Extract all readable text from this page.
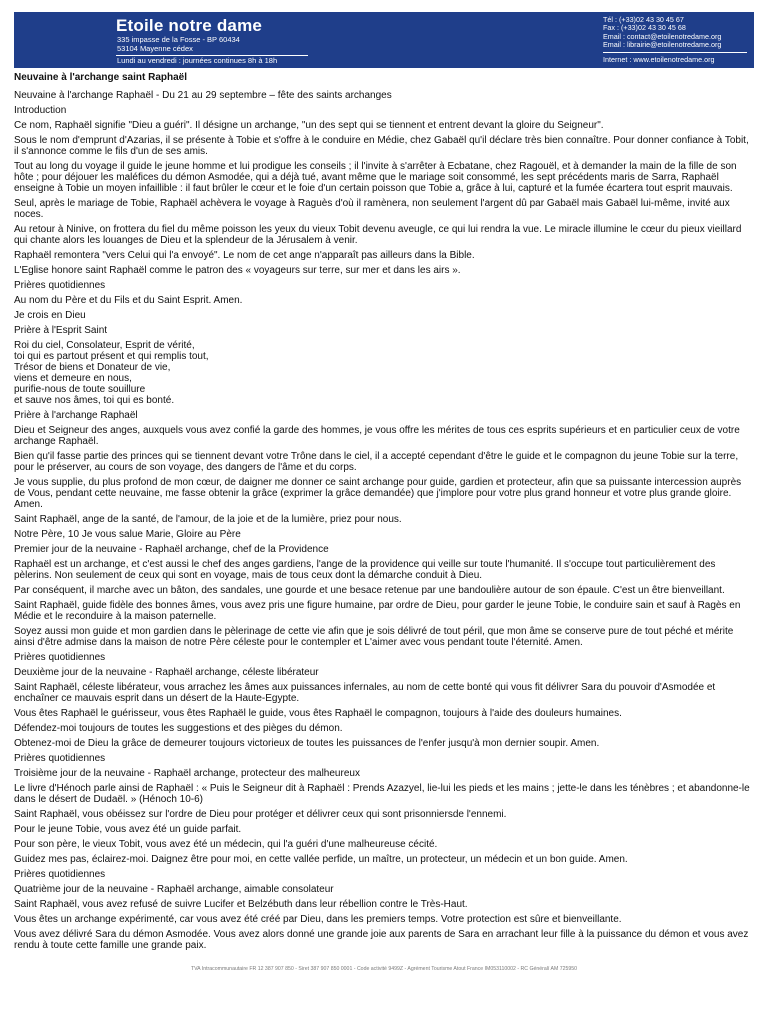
Etoile notre dame
335 impasse de la Fosse - BP 60434
53104 Mayenne cédex
Lundi au vendredi : journées continues 8h à 18h
Tél : (+33)02 43 30 45 67
Fax : (+33)02 43 30 45 68
Email : contact@etoilenotredame.org
Email : librairie@etoilenotredame.org
Internet : www.etoilenotredame.org
Neuvaine à l'archange saint Raphaël

Neuvaine à l'archange Raphaël - Du 21 au 29 septembre – fête des saints archanges

Introduction

Ce nom, Raphaël signifie "Dieu a guéri". Il désigne un archange, "un des sept qui se tiennent et entrent devant la gloire du Seigneur".

Sous le nom d'emprunt d'Azarias, il se présente à Tobie et s'offre à le conduire en Médie, chez Gabaël qu'il déclare très bien connaître. Pour donner confiance à Tobit, il s'annonce comme le fils d'un de ses amis.

Tout au long du voyage il guide le jeune homme et lui prodigue les conseils ; il l'invite à s'arrêter à Ecbatane, chez Ragouël, et à demander la main de la fille de son hôte ; pour déjouer les maléfices du démon Asmodée, qui a déjà tué, avant même que le mariage soit consommé, les sept précédents maris de Sarra, Raphaël enseigne à Tobie un moyen infaillible : il faut brûler le cœur et le foie d'un certain poisson que Tobie a, grâce à lui, capturé et la fumée écartera tout esprit mauvais.

Seul, après le mariage de Tobie, Raphaël achèvera le voyage à Raguès d'où il ramènera, non seulement l'argent dû par Gabaël mais Gabaël lui-même, invité aux noces.

Au retour à Ninive, on frottera du fiel du même poisson les yeux du vieux Tobit devenu aveugle, ce qui lui rendra la vue. Le miracle illumine le cœur du pieux vieillard qui chante alors les louanges de Dieu et la splendeur de la Jérusalem à venir.

Raphaël remontera "vers Celui qui l'a envoyé". Le nom de cet ange n'apparaît pas ailleurs dans la Bible.

L'Eglise honore saint Raphaël comme le patron des « voyageurs sur terre, sur mer et dans les airs ».

Prières quotidiennes

Au nom du Père et du Fils et du Saint Esprit. Amen.

Je crois en Dieu

Prière à l'Esprit Saint

Roi du ciel, Consolateur, Esprit de vérité,
toi qui es partout présent et qui remplis tout,
Trésor de biens et Donateur de vie,
viens et demeure en nous,
purifie-nous de toute souillure
et sauve nos âmes, toi qui es bonté.

Prière à l'archange Raphaël

Dieu et Seigneur des anges, auxquels vous avez confié la garde des hommes, je vous offre les mérites de tous ces esprits supérieurs et en particulier ceux de votre archange Raphaël.

Bien qu'il fasse partie des princes qui se tiennent devant votre Trône dans le ciel, il a accepté cependant d'être le guide et le compagnon du jeune Tobie sur la terre, pour le préserver, au cours de son voyage, des dangers de l'âme et du corps.

Je vous supplie, du plus profond de mon cœur, de daigner me donner ce saint archange pour guide, gardien et protecteur, afin que sa puissante intercession auprès de Vous, pendant cette neuvaine, me fasse obtenir la grâce (exprimer la grâce demandée) que j'implore pour votre plus grand honneur et votre plus grande gloire. Amen.

Saint Raphaël, ange de la santé, de l'amour, de la joie et de la lumière, priez pour nous.

Notre Père, 10 Je vous salue Marie, Gloire au Père

Premier jour de la neuvaine - Raphaël archange, chef de la Providence

Raphaël est un archange, et c'est aussi le chef des anges gardiens, l'ange de la providence qui veille sur toute l'humanité. Il s'occupe tout particulièrement des pèlerins. Non seulement de ceux qui sont en voyage, mais de tous ceux dont la démarche conduit à Dieu.

Par conséquent, il marche avec un bâton, des sandales, une gourde et une besace retenue par une bandoulière autour de son épaule. C'est un être bienveillant.

Saint Raphaël, guide fidèle des bonnes âmes, vous avez pris une figure humaine, par ordre de Dieu, pour garder le jeune Tobie, le conduire sain et sauf à Ragès en Médie et le reconduire à la maison paternelle.

Soyez aussi mon guide et mon gardien dans le pèlerinage de cette vie afin que je sois délivré de tout péril, que mon âme se conserve pure de tout péché et mérite ainsi d'être admise dans la maison de notre Père céleste pour le contempler et L'aimer avec vous pendant toute l'éternité. Amen.

Prières quotidiennes

Deuxième jour de la neuvaine - Raphaël archange, céleste libérateur

Saint Raphaël, céleste libérateur, vous arrachez les âmes aux puissances infernales, au nom de cette bonté qui vous fit délivrer Sara du pouvoir d'Asmodée et enchaîner ce mauvais esprit dans un désert de la Haute-Egypte.

Vous êtes Raphaël le guérisseur, vous êtes Raphaël le guide, vous êtes Raphaël le compagnon, toujours à l'aide des douleurs humaines.

Défendez-moi toujours de toutes les suggestions et des pièges du démon.

Obtenez-moi de Dieu la grâce de demeurer toujours victorieux de toutes les puissances de l'enfer jusqu'à mon dernier soupir. Amen.

Prières quotidiennes

Troisième jour de la neuvaine - Raphaël archange, protecteur des malheureux

Le livre d'Hénoch parle ainsi de Raphaël : « Puis le Seigneur dit à Raphaël : Prends Azazyel, lie-lui les pieds et les mains ; jette-le dans les ténèbres ; et abandonne-le dans le désert de Dudaël. » (Hénoch 10-6)

Saint Raphaël, vous obéissez sur l'ordre de Dieu pour protéger et délivrer ceux qui sont prisonniersde l'ennemi.

Pour le jeune Tobie, vous avez été un guide parfait.

Pour son père, le vieux Tobit, vous avez été un médecin, qui l'a guéri d'une malheureuse cécité.

Guidez mes pas, éclairez-moi. Daignez être pour moi, en cette vallée perfide, un maître, un protecteur, un médecin et un bon guide. Amen.

Prières quotidiennes

Quatrième jour de la neuvaine - Raphaël archange, aimable consolateur

Saint Raphaël, vous avez refusé de suivre Lucifer et Belzébuth dans leur rébellion contre le Très-Haut.

Vous êtes un archange expérimenté, car vous avez été créé par Dieu, dans les premiers temps. Votre protection est sûre et bienveillante.

Vous avez délivré Sara du démon Asmodée. Vous avez alors donné une grande joie aux parents de Sara en arrachant leur fille à la puissance du démon et vous avez rendu à toute cette famille une grande paix.

TVA Intracommunautaire FR 12 387 907 850 - Siret 387 907 850 0001 - Code activité 9499Z - Agrément Tourisme Atout France IM053110002 - RC Généralí AM 725950
